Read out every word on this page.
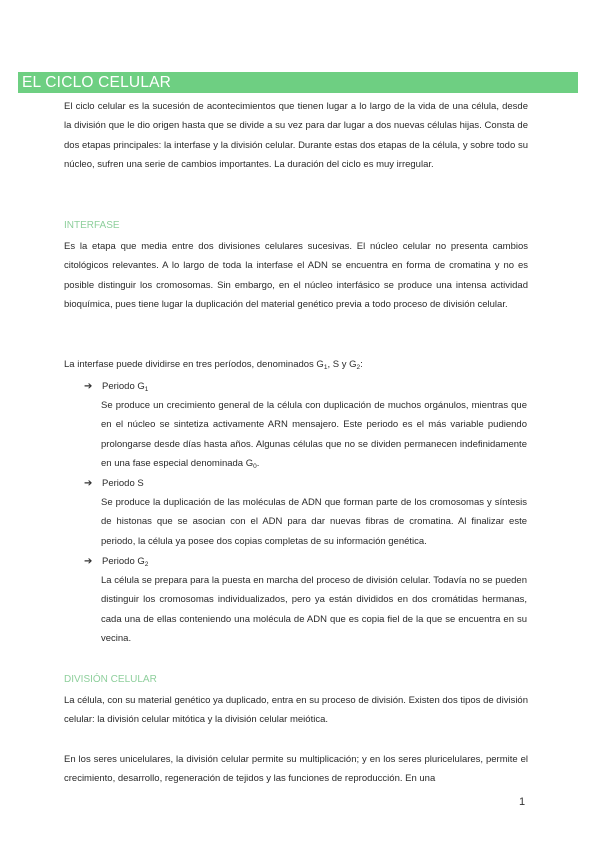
EL CICLO CELULAR

El ciclo celular es la sucesión de acontecimientos que tienen lugar a lo largo de la vida de una célula, desde la división que le dio origen hasta que se divide a su vez para dar lugar a dos nuevas células hijas. Consta de dos etapas principales: la interfase y la división celular. Durante estas dos etapas de la célula, y sobre todo su núcleo, sufren una serie de cambios importantes. La duración del ciclo es muy irregular.

INTERFASE

Es la etapa que media entre dos divisiones celulares sucesivas. El núcleo celular no presenta cambios citológicos relevantes. A lo largo de toda la interfase el ADN se encuentra en forma de cromatina y no es posible distinguir los cromosomas. Sin embargo, en el núcleo interfásico se produce una intensa actividad bioquímica, pues tiene lugar la duplicación del material genético previa a todo proceso de división celular.

La interfase puede dividirse en tres períodos, denominados $G_1$, S y $G_2$:

➔ Periodo $G_1$

Se produce un crecimiento general de la célula con duplicación de muchos orgánulos, mientras que en el núcleo se sintetiza activamente ARN mensajero. Este periodo es el más variable pudiendo prolongarse desde días hasta años. Algunas células que no se dividen permanecen indefinidamente en una fase especial denominada $G_0$.

➔ Periodo S

Se produce la duplicación de las moléculas de ADN que forman parte de los cromosomas y síntesis de histonas que se asocian con el ADN para dar nuevas fibras de cromatina. Al finalizar este periodo, la célula ya posee dos copias completas de su información genética.

➔ Periodo $G_2$

La célula se prepara para la puesta en marcha del proceso de división celular. Todavía no se pueden distinguir los cromosomas individualizados, pero ya están divididos en dos cromátidas hermanas, cada una de ellas conteniendo una molécula de ADN que es copia fiel de la que se encuentra en su vecina.

DIVISIÓN CELULAR

La célula, con su material genético ya duplicado, entra en su proceso de división. Existen dos tipos de división celular: la división celular mitótica y la división celular meiótica.

En los seres unicelulares, la división celular permite su multiplicación; y en los seres pluricelulares, permite el crecimiento, desarrollo, regeneración de tejidos y las funciones de reproducción. En una

1
